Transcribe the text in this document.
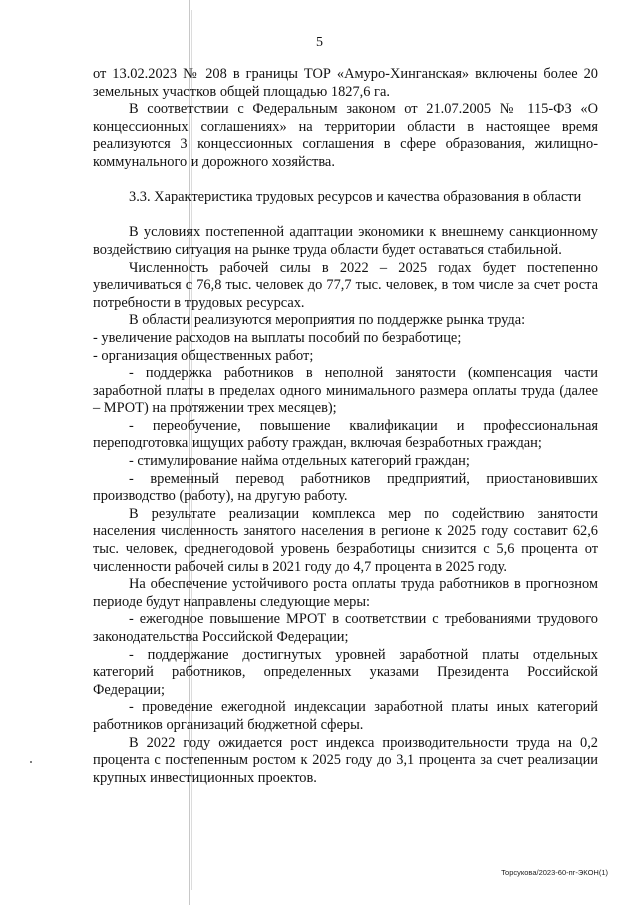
5

от 13.02.2023 № 208 в границы ТОР «Амуро-Хинганская» включены более 20 земельных участков общей площадью 1827,6 га.

В соответствии с Федеральным законом от 21.07.2005 № 115-ФЗ «О концессионных соглашениях» на территории области в настоящее время реализуются 3 концессионных соглашения в сфере образования, жилищно-коммунального и дорожного хозяйства.

3.3. Характеристика трудовых ресурсов и качества образования в области

В условиях постепенной адаптации экономики к внешнему санкционному воздействию ситуация на рынке труда области будет оставаться стабильной.

Численность рабочей силы в 2022 – 2025 годах будет постепенно увеличиваться с 76,8 тыс. человек до 77,7 тыс. человек, в том числе за счет роста потребности в трудовых ресурсах.

В области реализуются мероприятия по поддержке рынка труда:

- увеличение расходов на выплаты пособий по безработице;

- организация общественных работ;

- поддержка работников в неполной занятости (компенсация части заработной платы в пределах одного минимального размера оплаты труда (далее – МРОТ) на протяжении трех месяцев);

- переобучение, повышение квалификации и профессиональная переподготовка ищущих работу граждан, включая безработных граждан;

- стимулирование найма отдельных категорий граждан;

- временный перевод работников предприятий, приостановивших производство (работу), на другую работу.

В результате реализации комплекса мер по содействию занятости населения численность занятого населения в регионе к 2025 году составит 62,6 тыс. человек, среднегодовой уровень безработицы снизится с 5,6 процента от численности рабочей силы в 2021 году до 4,7 процента в 2025 году.

На обеспечение устойчивого роста оплаты труда работников в прогнозном периоде будут направлены следующие меры:

- ежегодное повышение МРОТ в соответствии с требованиями трудового законодательства Российской Федерации;

- поддержание достигнутых уровней заработной платы отдельных категорий работников, определенных указами Президента Российской Федерации;

- проведение ежегодной индексации заработной платы иных категорий работников организаций бюджетной сферы.

В 2022 году ожидается рост индекса производительности труда на 0,2 процента с постепенным ростом к 2025 году до 3,1 процента за счет реализации крупных инвестиционных проектов.

Торсукова/2023-60-пг-ЭКОН(1)
